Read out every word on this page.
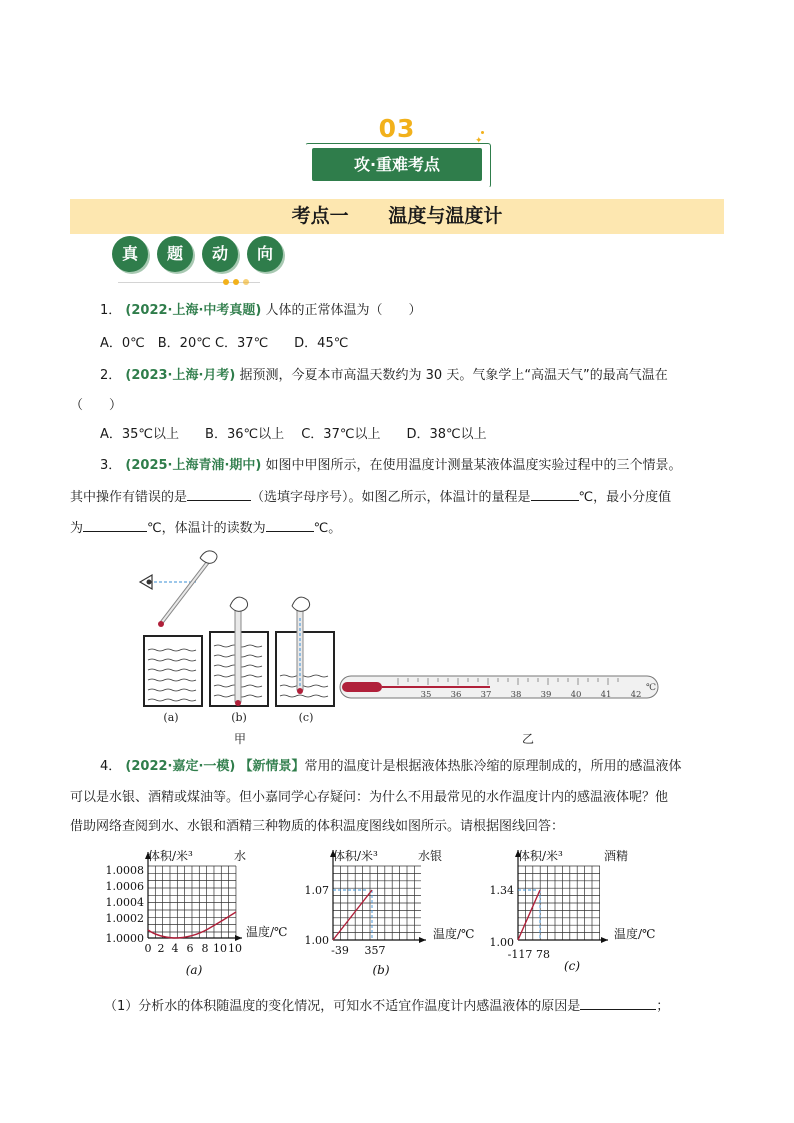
03	✦
攻·重难考点
考点一      温度与温度计
真	题	动	向
1． (2022·上海·中考真题) 人体的正常体温为（　　）
A．0℃　B．20℃ C．37℃　　D．45℃
2． (2023·上海·月考) 据预测，今夏本市高温天数约为 30 天。气象学上“高温天气”的最高气温在
（　　）
A．35℃以上　　B．36℃以上　 C．37℃以上　　D．38℃以上
3． (2025·上海青浦·期中) 如图中甲图所示，在使用温度计测量某液体温度实验过程中的三个情景。
其中操作有错误的是	（选填字母序号）。如图乙所示，体温计的量程是	℃，最小分度值
为	℃，体温计的读数为	℃。
35 36 37 38 39 40 41 42
℃
(a)	(b)	(c)
甲	乙
4． (2022·嘉定·一模) 【新情景】常用的温度计是根据液体热胀冷缩的原理制成的，所用的感温液体
可以是水银、酒精或煤油等。但小嘉同学心存疑问：为什么不用最常见的水作温度计内的感温液体呢？他
借助网络查阅到水、水银和酒精三种物质的体积温度图线如图所示。请根据图线回答：
体积/米³	水
1.0008
1.0006
1.0004
1.0002
1.0000
0 2 4 6 8 10 10
温度/℃
(a)
体积/米³	水银
1.07
1.00
-39 357
温度/℃
(b)
体积/米³	酒精
1.34
1.00
-117 78
温度/℃
(c)
（1）分析水的体积随温度的变化情况，可知水不适宜作温度计内感温液体的原因是	；
